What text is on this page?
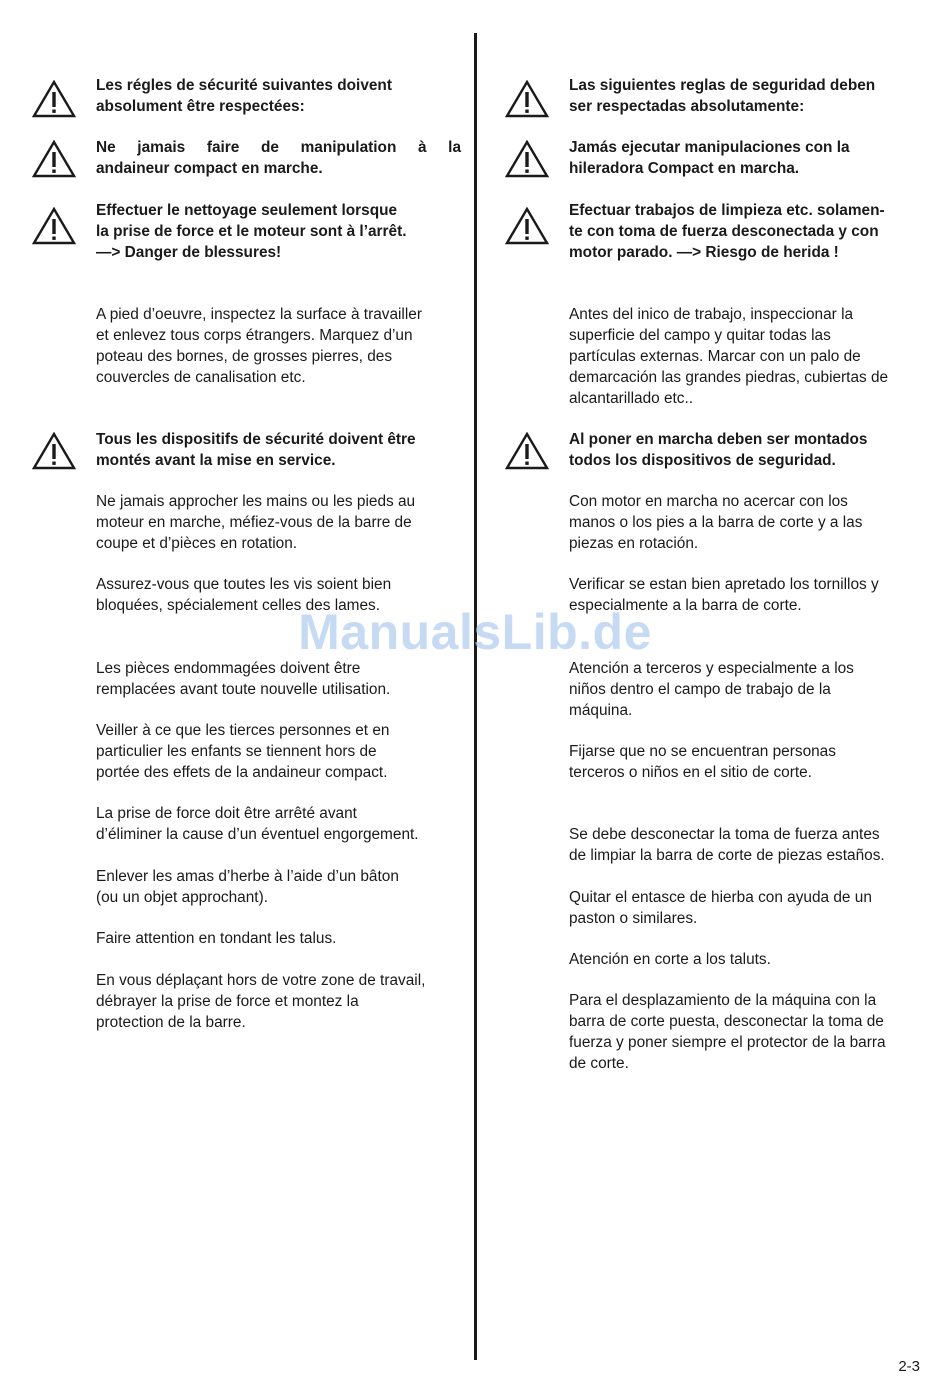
Les régles de sécurité suivantes doivent
absolument être respectées:
Ne jamais faire de manipulation à la
andaineur compact en marche.
Effectuer le nettoyage seulement lorsque
la prise de force et le moteur sont à l’arrêt.
—> Danger de blessures!
A pied d’oeuvre, inspectez la surface à travailler
et enlevez tous corps étrangers. Marquez d’un
poteau des bornes, de grosses pierres, des
couvercles de canalisation etc.
Tous les dispositifs de sécurité doivent être
montés avant la mise en service.
Ne jamais approcher les mains ou les pieds au
moteur en marche, méfiez-vous de la barre de
coupe et d’pièces en rotation.
Assurez-vous que toutes les vis soient bien
bloquées, spécialement celles des lames.
Les pièces endommagées doivent être
remplacées avant toute nouvelle utilisation.
Veiller à ce que les tierces personnes et en
particulier les enfants se tiennent hors de
portée des effets de la andaineur compact.
La prise de force doit être arrêté avant
d’éliminer la cause d’un éventuel engorgement.
Enlever les amas d’herbe à l’aide d’un bâton
(ou un objet approchant).
Faire attention en tondant les talus.
En vous déplaçant hors de votre zone de travail,
débrayer la prise de force et montez la
protection de la barre.
Las siguientes reglas de seguridad deben
ser respectadas absolutamente:
Jamás ejecutar manipulaciones con la
hileradora Compact en marcha.
Efectuar trabajos de limpieza etc. solamen-
te con toma de fuerza desconectada y con
motor parado. —> Riesgo de herida !
Antes del inico de trabajo, inspeccionar la
superficie del campo y quitar todas las
partículas externas. Marcar con un palo de
demarcación las grandes piedras, cubiertas de
alcantarillado etc..
Al poner en marcha deben ser montados
todos los dispositivos de seguridad.
Con motor en marcha no acercar con los
manos o los pies a la barra de corte y a las
piezas en rotación.
Verificar se estan bien apretado los tornillos y
especialmente a la barra de corte.
Atención a terceros y especialmente a los
niños dentro el campo de trabajo de la
máquina.
Fijarse que no se encuentran personas
terceros o niños en el sitio de corte.
Se debe desconectar la toma de fuerza antes
de limpiar la barra de corte de piezas estaños.
Quitar el entasce de hierba con ayuda de un
paston o similares.
Atención en corte a los taluts.
Para el desplazamiento de la máquina con la
barra de corte puesta, desconectar la toma de
fuerza y poner siempre el protector de la barra
de corte.
ManualsLib.de
2-3
